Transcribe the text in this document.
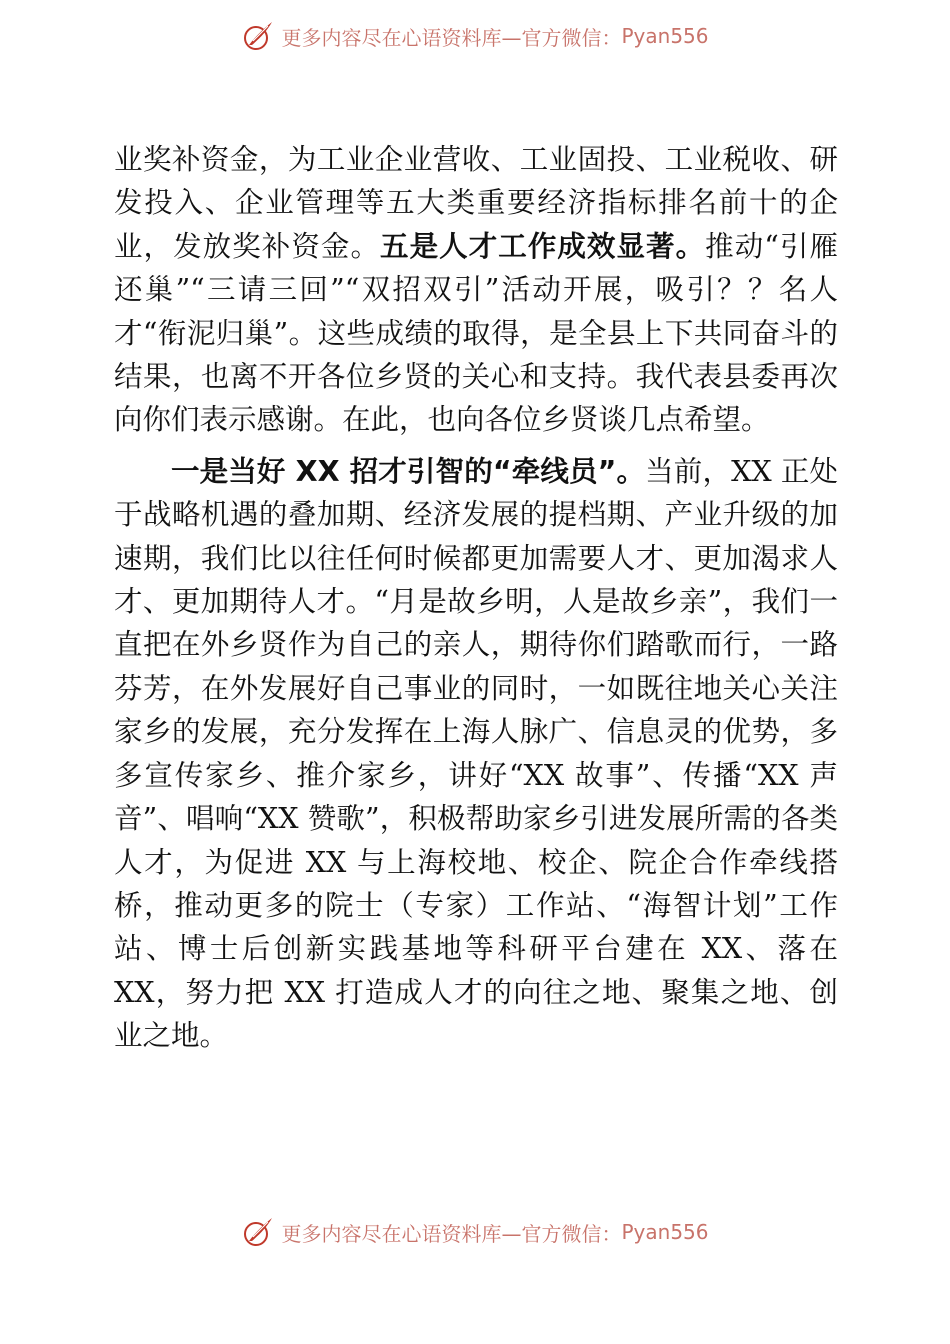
更多内容尽在心语资料库—官方微信： Pyan556

业奖补资金，为工业企业营收、工业固投、工业税收、研发投入、企业管理等五大类重要经济指标排名前十的企业，发放奖补资金。五是人才工作成效显著。推动“引雁还巢”“三请三回”“双招双引”活动开展，吸引？？名人才“衔泥归巢”。这些成绩的取得，是全县上下共同奋斗的结果，也离不开各位乡贤的关心和支持。我代表县委再次向你们表示感谢。在此，也向各位乡贤谈几点希望。

一是当好 XX 招才引智的“牵线员”。当前，XX 正处于战略机遇的叠加期、经济发展的提档期、产业升级的加速期，我们比以往任何时候都更加需要人才、更加渴求人才、更加期待人才。“月是故乡明，人是故乡亲”，我们一直把在外乡贤作为自己的亲人，期待你们踏歌而行，一路芬芳，在外发展好自己事业的同时，一如既往地关心关注家乡的发展，充分发挥在上海人脉广、信息灵的优势，多多宣传家乡、推介家乡，讲好“XX 故事”、传播“XX 声音”、唱响“XX 赞歌”，积极帮助家乡引进发展所需的各类人才，为促进 XX 与上海校地、校企、院企合作牵线搭桥，推动更多的院士（专家）工作站、“海智计划”工作站、博士后创新实践基地等科研平台建在 XX、落在 XX，努力把 XX 打造成人才的向往之地、聚集之地、创业之地。

更多内容尽在心语资料库—官方微信： Pyan556
